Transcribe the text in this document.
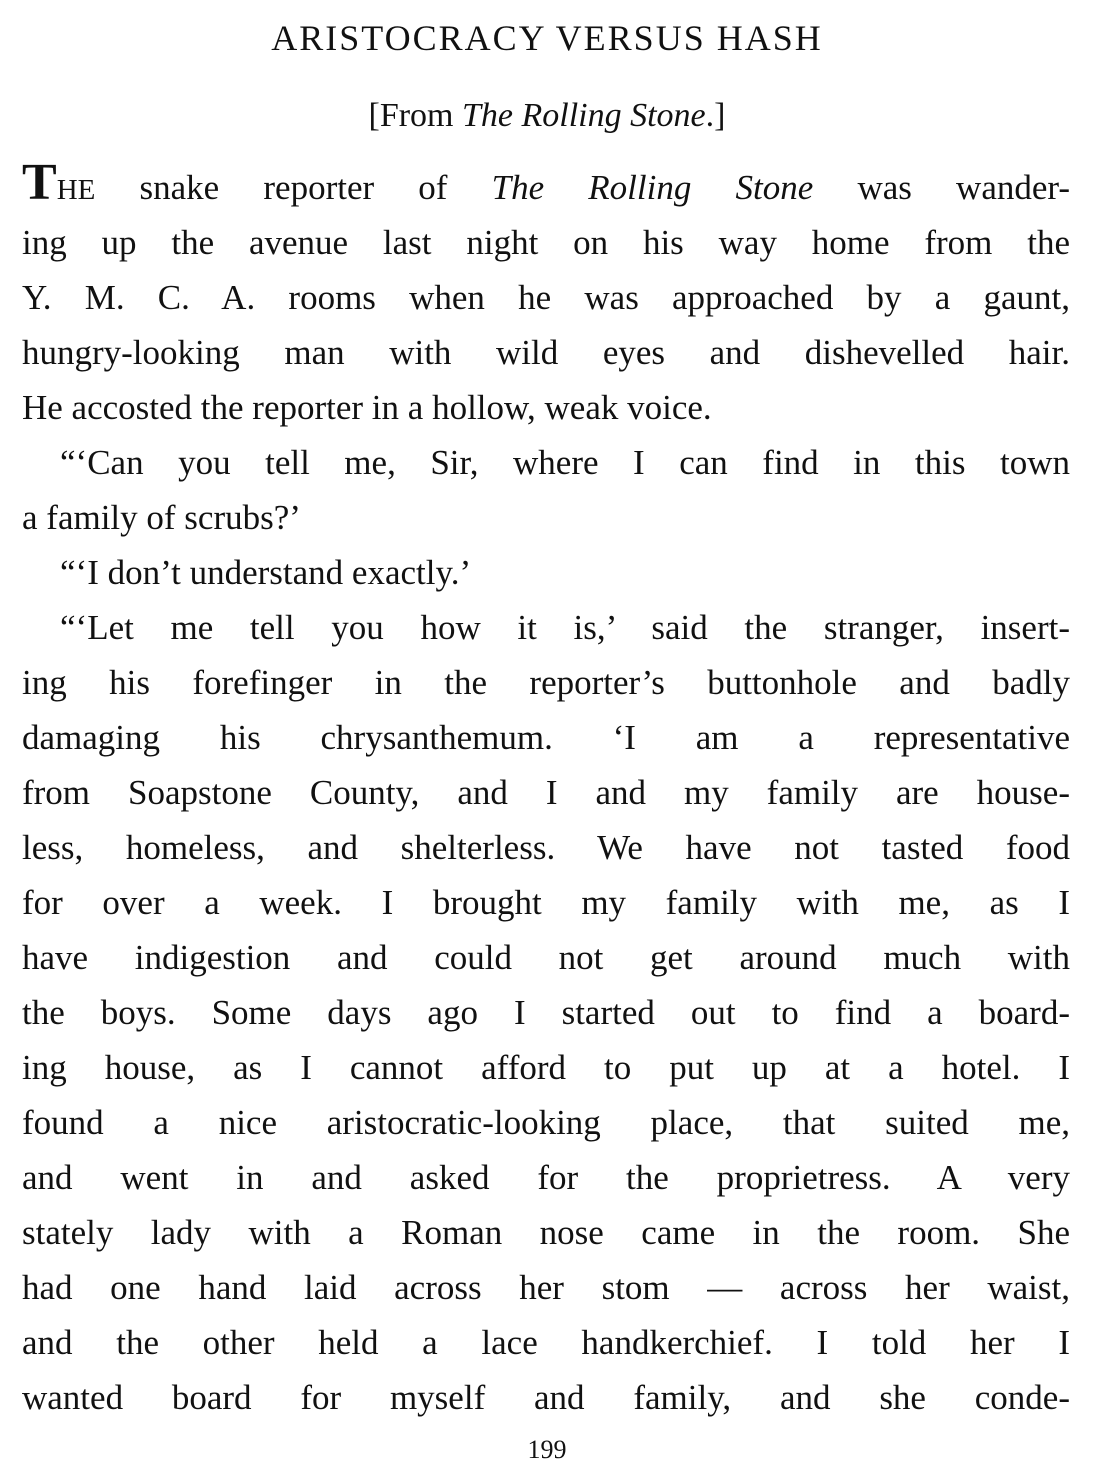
ARISTOCRACY VERSUS HASH
[From The Rolling Stone.]
THE snake reporter of The Rolling Stone was wander-
ing up the avenue last night on his way home from the
Y. M. C. A. rooms when he was approached by a gaunt,
hungry-looking man with wild eyes and dishevelled hair.
He accosted the reporter in a hollow, weak voice.
“‘Can you tell me, Sir, where I can find in this town
a family of scrubs?’
“‘I don’t understand exactly.’
“‘Let me tell you how it is,’ said the stranger, insert-
ing his forefinger in the reporter’s buttonhole and badly
damaging his chrysanthemum. ‘I am a representative
from Soapstone County, and I and my family are house-
less, homeless, and shelterless. We have not tasted food
for over a week. I brought my family with me, as I
have indigestion and could not get around much with
the boys. Some days ago I started out to find a board-
ing house, as I cannot afford to put up at a hotel. I
found a nice aristocratic-looking place, that suited me,
and went in and asked for the proprietress. A very
stately lady with a Roman nose came in the room. She
had one hand laid across her stom — across her waist,
and the other held a lace handkerchief. I told her I
wanted board for myself and family, and she conde-
199
